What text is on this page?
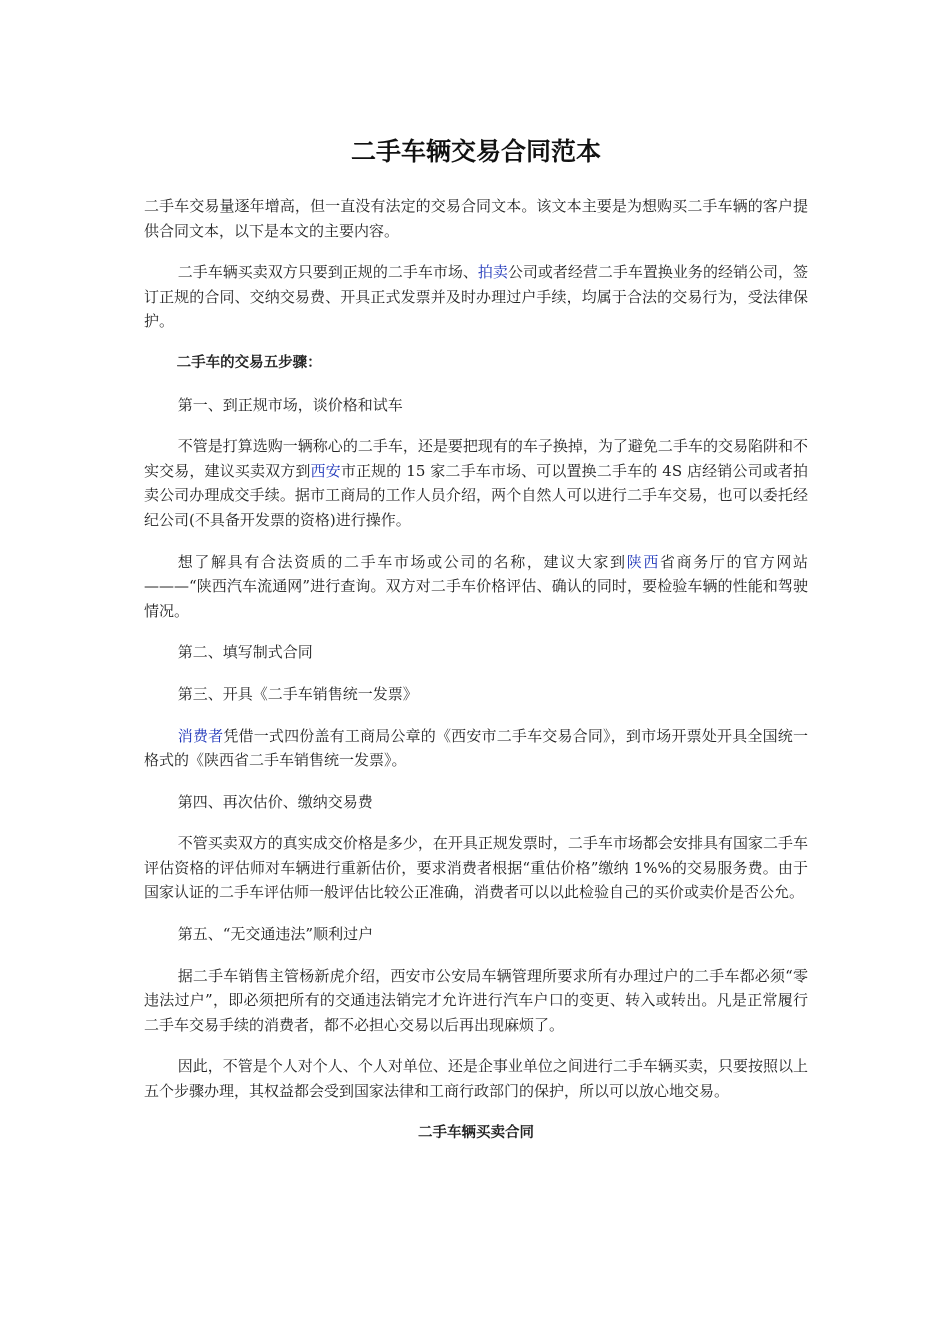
二手车辆交易合同范本

二手车交易量逐年增高，但一直没有法定的交易合同文本。该文本主要是为想购买二手车辆的客户提供合同文本，以下是本文的主要内容。

二手车辆买卖双方只要到正规的二手车市场、拍卖公司或者经营二手车置换业务的经销公司，签订正规的合同、交纳交易费、开具正式发票并及时办理过户手续，均属于合法的交易行为，受法律保护。

二手车的交易五步骤：

第一、到正规市场，谈价格和试车

不管是打算选购一辆称心的二手车，还是要把现有的车子换掉，为了避免二手车的交易陷阱和不实交易，建议买卖双方到西安市正规的 15 家二手车市场、可以置换二手车的 4S 店经销公司或者拍卖公司办理成交手续。据市工商局的工作人员介绍，两个自然人可以进行二手车交易，也可以委托经纪公司(不具备开发票的资格)进行操作。

想了解具有合法资质的二手车市场或公司的名称，建议大家到陕西省商务厅的官方网站———“陕西汽车流通网”进行查询。双方对二手车价格评估、确认的同时，要检验车辆的性能和驾驶情况。

第二、填写制式合同

第三、开具《二手车销售统一发票》

消费者凭借一式四份盖有工商局公章的《西安市二手车交易合同》，到市场开票处开具全国统一格式的《陕西省二手车销售统一发票》。

第四、再次估价、缴纳交易费

不管买卖双方的真实成交价格是多少，在开具正规发票时，二手车市场都会安排具有国家二手车评估资格的评估师对车辆进行重新估价，要求消费者根据“重估价格”缴纳 1%%的交易服务费。由于国家认证的二手车评估师一般评估比较公正准确，消费者可以以此检验自己的买价或卖价是否公允。

第五、“无交通违法”顺利过户

据二手车销售主管杨新虎介绍，西安市公安局车辆管理所要求所有办理过户的二手车都必须“零违法过户”，即必须把所有的交通违法销完才允许进行汽车户口的变更、转入或转出。凡是正常履行二手车交易手续的消费者，都不必担心交易以后再出现麻烦了。

因此，不管是个人对个人、个人对单位、还是企事业单位之间进行二手车辆买卖，只要按照以上五个步骤办理，其权益都会受到国家法律和工商行政部门的保护，所以可以放心地交易。

二手车辆买卖合同
